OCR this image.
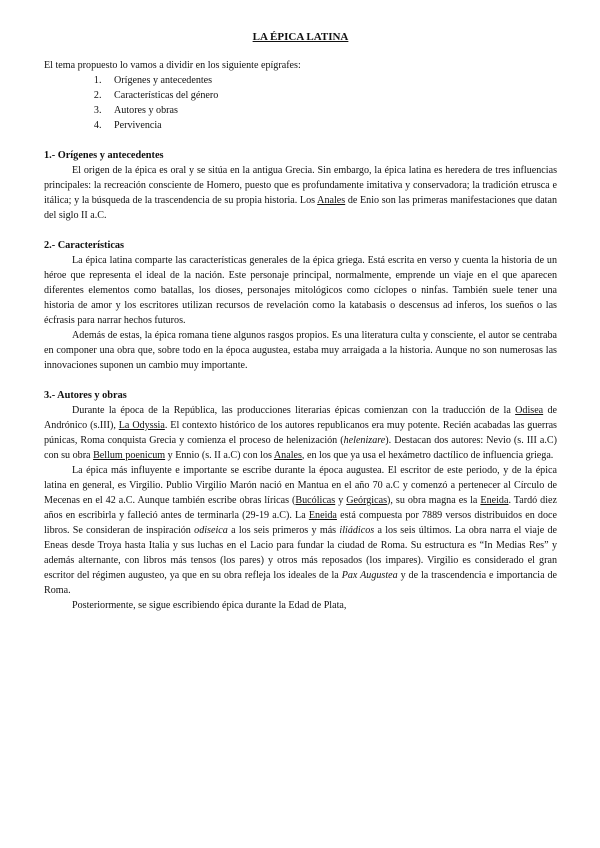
LA ÉPICA LATINA

El tema propuesto lo vamos a dividir en los siguiente epígrafes:

1. Orígenes y antecedentes
2. Características del género
3. Autores y obras
4. Pervivencia
1.- Orígenes y antecedentes

El origen de la épica es oral y se sitúa en la antigua Grecia. Sin embargo, la épica latina es heredera de tres influencias principales: la recreación consciente de Homero, puesto que es profundamente imitativa y conservadora; la tradición etrusca e itálica; y la búsqueda de la trascendencia de su propia historia. Los Anales de Enio son las primeras manifestaciones que datan del siglo II a.C.

2.- Características

La épica latina comparte las características generales de la épica griega. Está escrita en verso y cuenta la historia de un héroe que representa el ideal de la nación. Este personaje principal, normalmente, emprende un viaje en el que aparecen diferentes elementos como batallas, los dioses, personajes mitológicos como cíclopes o ninfas. También suele tener una historia de amor y los escritores utilizan recursos de revelación como la katabasis o descensus ad inferos, los sueños o las écfrasis para narrar hechos futuros.

Además de estas, la épica romana tiene algunos rasgos propios. Es una literatura culta y consciente, el autor se centraba en componer una obra que, sobre todo en la época augustea, estaba muy arraigada a la historia. Aunque no son numerosas las innovaciones suponen un cambio muy importante.

3.- Autores y obras

Durante la época de la República, las producciones literarias épicas comienzan con la traducción de la Odisea de Andrónico (s.III), La Odyssia. El contexto histórico de los autores republicanos era muy potente. Recién acabadas las guerras púnicas, Roma conquista Grecia y comienza el proceso de helenización (helenizare). Destacan dos autores: Nevio (s. III a.C) con su obra Bellum poenicum y Ennio (s. II a.C) con los Anales, en los que ya usa el hexámetro dactílico de influencia griega.

La épica más influyente e importante se escribe durante la época augustea. El escritor de este periodo, y de la épica latina en general, es Virgilio. Publio Virgilio Marón nació en Mantua en el año 70 a.C y comenzó a pertenecer al Círculo de Mecenas en el 42 a.C. Aunque también escribe obras líricas (Bucólicas y Geórgicas), su obra magna es la Eneida. Tardó diez años en escribirla y falleció antes de terminarla (29-19 a.C). La Eneida está compuesta por 7889 versos distribuidos en doce libros. Se consideran de inspiración odiseica a los seis primeros y más iliádicos a los seis últimos. La obra narra el viaje de Eneas desde Troya hasta Italia y sus luchas en el Lacio para fundar la ciudad de Roma. Su estructura es “In Medias Res” y además alternante, con libros más tensos (los pares) y otros más reposados (los impares). Virgilio es considerado el gran escritor del régimen augusteo, ya que en su obra refleja los ideales de la Pax Augustea y de la trascendencia e importancia de Roma.

Posteriormente, se sigue escribiendo épica durante la Edad de Plata,
